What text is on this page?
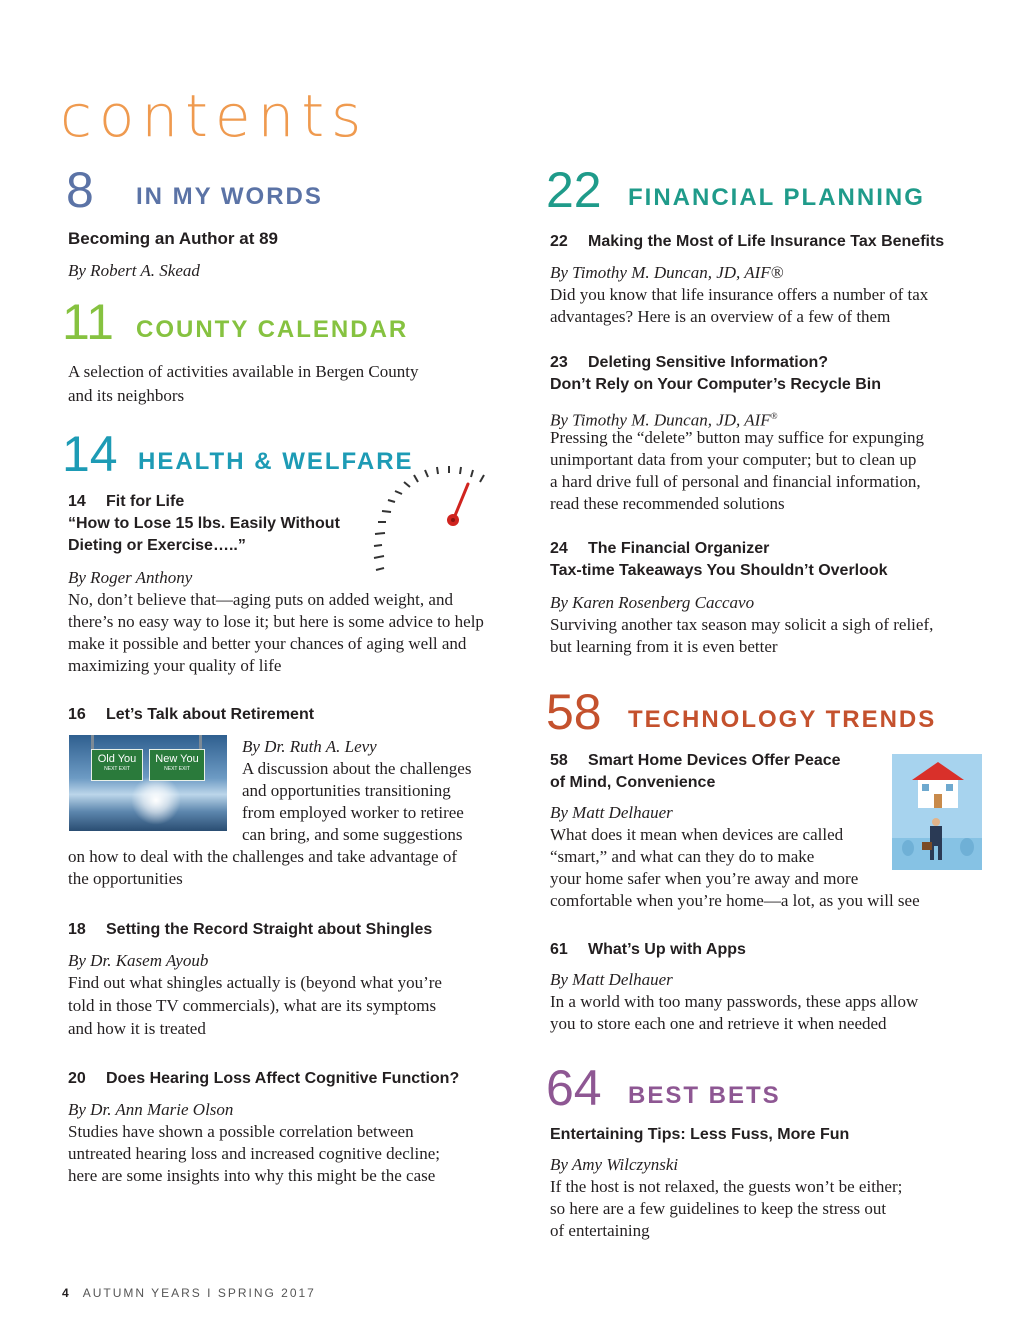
contents
8 IN MY WORDS
Becoming an Author at 89
By Robert A. Skead
11 COUNTY CALENDAR
A selection of activities available in Bergen County
and its neighbors
14 HEALTH & WELFARE
14 Fit for Life
“How to Lose 15 lbs. Easily Without
Dieting or Exercise…..”
By Roger Anthony
No, don’t believe that—aging puts on added weight, and
there’s no easy way to lose it; but here is some advice to help
make it possible and better your chances of aging well and
maximizing your quality of life
16 Let’s Talk about Retirement
Old You
NEXT EXIT
New You
NEXT EXIT
By Dr. Ruth A. Levy
A discussion about the challenges
and opportunities transitioning
from employed worker to retiree
can bring, and some suggestions
on how to deal with the challenges and take advantage of
the opportunities
18 Setting the Record Straight about Shingles
By Dr. Kasem Ayoub
Find out what shingles actually is (beyond what you’re
told in those TV commercials), what are its symptoms
and how it is treated
20 Does Hearing Loss Affect Cognitive Function?
By Dr. Ann Marie Olson
Studies have shown a possible correlation between
untreated hearing loss and increased cognitive decline;
here are some insights into why this might be the case
22 FINANCIAL PLANNING
22 Making the Most of Life Insurance Tax Benefits
By Timothy M. Duncan, JD, AIF®
Did you know that life insurance offers a number of tax
advantages? Here is an overview of a few of them
23 Deleting Sensitive Information?
Don’t Rely on Your Computer’s Recycle Bin
By Timothy M. Duncan, JD, AIF®
Pressing the “delete” button may suffice for expunging
unimportant data from your computer; but to clean up
a hard drive full of personal and financial information,
read these recommended solutions
24 The Financial Organizer
Tax-time Takeaways You Shouldn’t Overlook
By Karen Rosenberg Caccavo
Surviving another tax season may solicit a sigh of relief,
but learning from it is even better
58 TECHNOLOGY TRENDS
58 Smart Home Devices Offer Peace
of Mind, Convenience
By Matt Delhauer
What does it mean when devices are called
“smart,” and what can they do to make
your home safer when you’re away and more
comfortable when you’re home—a lot, as you will see
61 What’s Up with Apps
By Matt Delhauer
In a world with too many passwords, these apps allow
you to store each one and retrieve it when needed
64 BEST BETS
Entertaining Tips: Less Fuss, More Fun
By Amy Wilczynski
If the host is not relaxed, the guests won’t be either;
so here are a few guidelines to keep the stress out
of entertaining
4 AUTUMN YEARS I SPRING 2017
